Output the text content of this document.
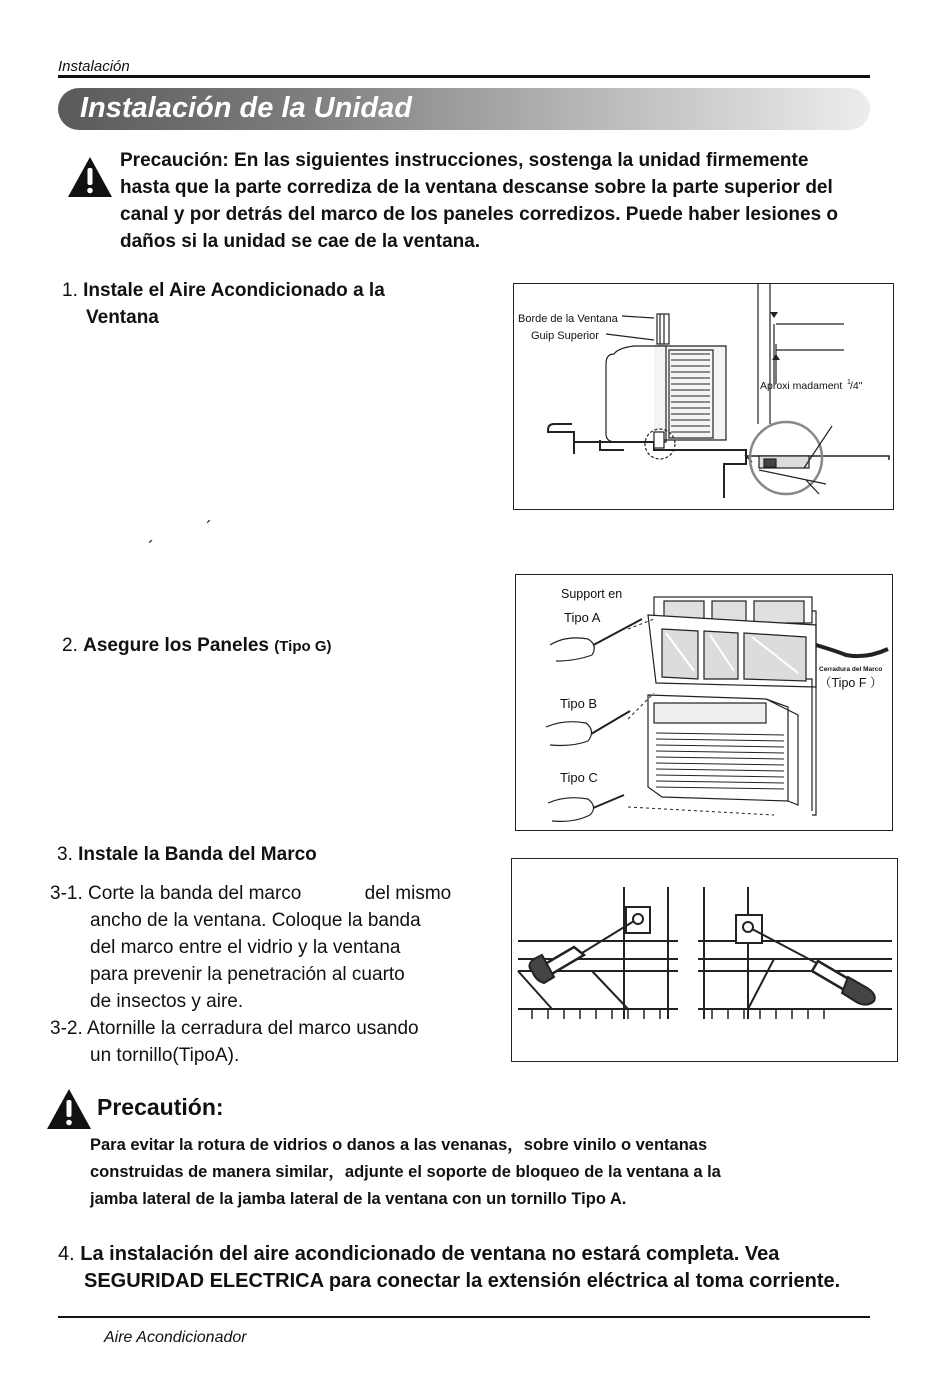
Instalación
Instalación de la Unidad
Precaución: En las siguientes instrucciones, sostenga la unidad firmemente hasta que la parte corrediza de la ventana descanse sobre la parte superior del canal y por detrás del marco de los paneles corredizos. Puede haber lesiones o daños si la unidad se cae de la ventana.
1. Instale el Aire Acondicionado a la
Ventana
´
´
Borde de la Ventana
Guip Superior
Aproxi madament 1 /4"
2. Asegure los Paneles (Tipo G)
Support en
Tipo A
Tipo B
Tipo C
Cerradura del Marco
（Tipo F ）
3. Instale la Banda del Marco
3-1. Corte la banda del marco	del mismo
ancho de la ventana. Coloque la banda
del marco entre el vidrio y la ventana
para prevenir la penetración al cuarto
de insectos y aire.
3-2. Atornille la cerradura del marco usando
un tornillo(TipoA).
Precautión:
Para evitar la rotura de vidrios o danos a las venanas，sobre vinilo o ventanas
construidas de manera similar，adjunte el soporte de bloqueo de la ventana a la
jamba lateral de la jamba lateral de la ventana con un tornillo Tipo A.
4. La instalación del aire acondicionado de ventana no estará completa. Vea
SEGURIDAD ELECTRICA para conectar la extensión eléctrica al toma corriente.
Aire Acondicionador
